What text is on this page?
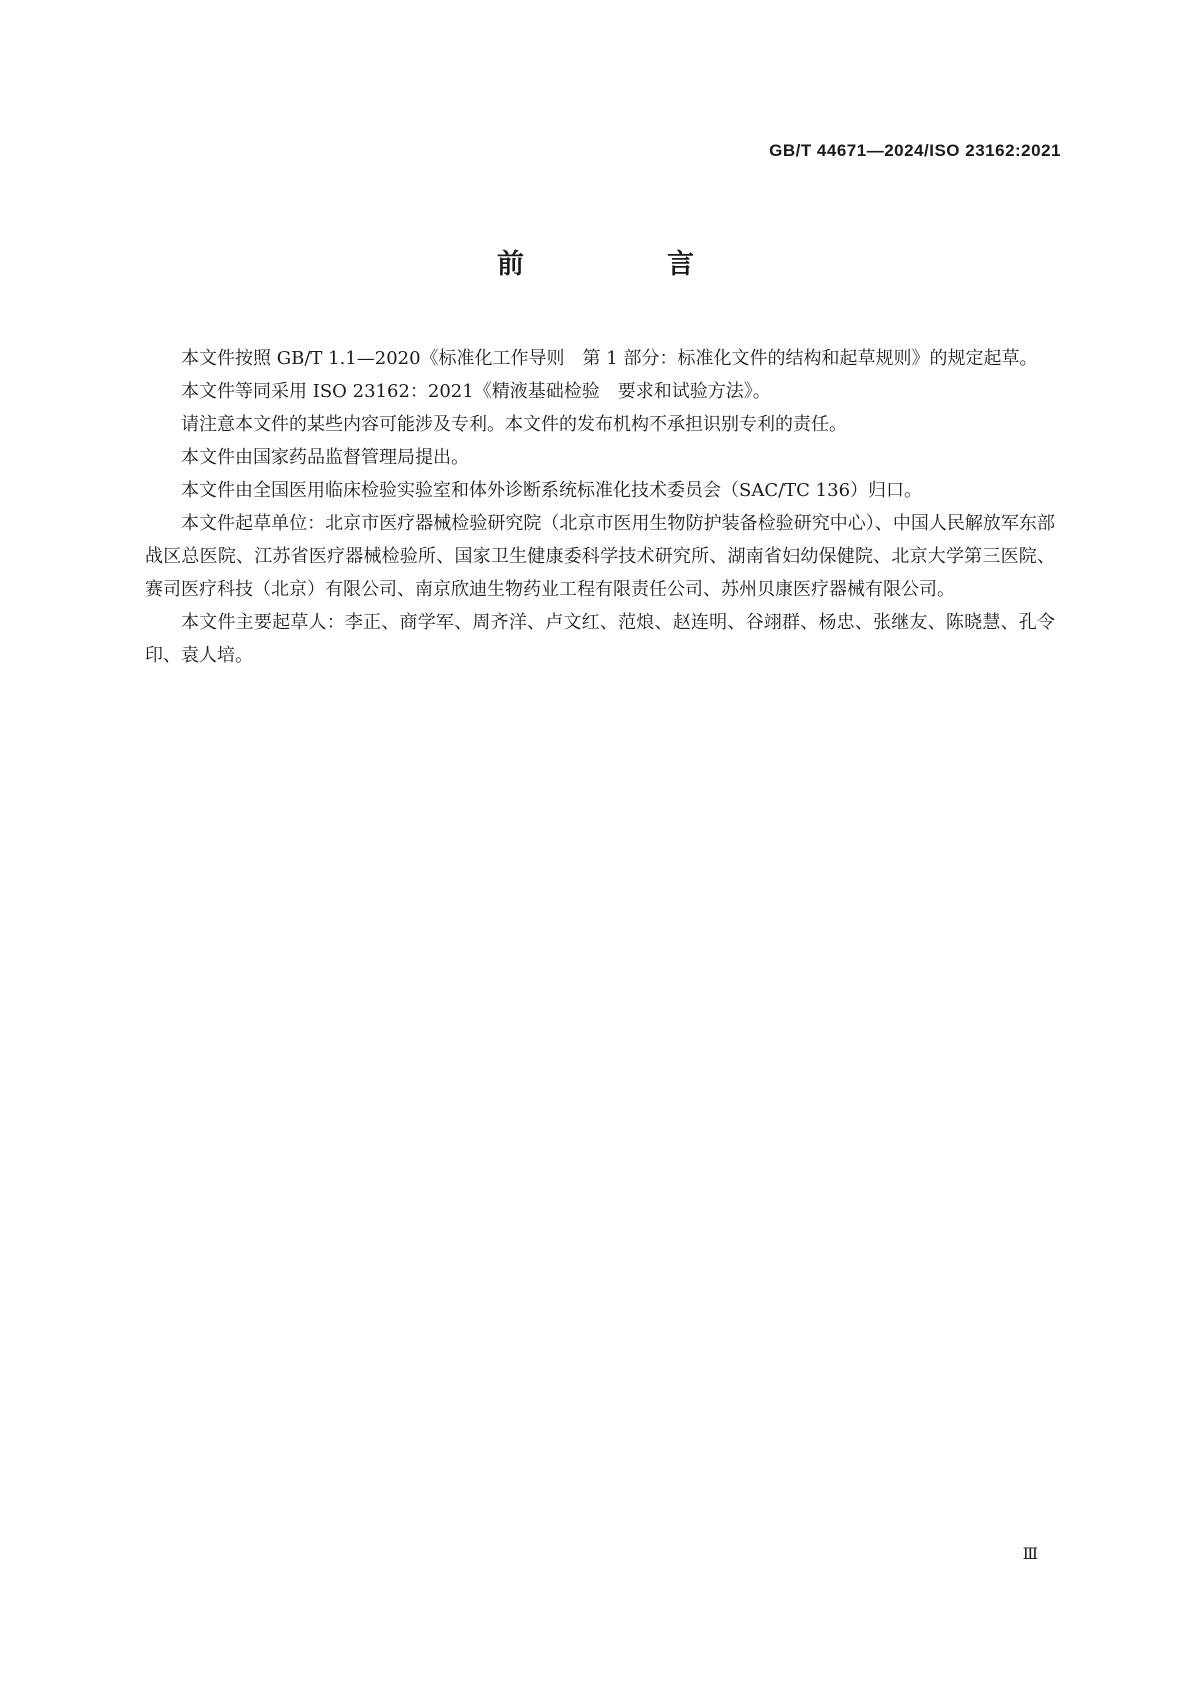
GB/T 44671—2024/ISO 23162:2021
前　言

本文件按照 GB/T 1.1—2020《标准化工作导则　第 1 部分：标准化文件的结构和起草规则》的规定起草。

本文件等同采用 ISO 23162：2021《精液基础检验　要求和试验方法》。

请注意本文件的某些内容可能涉及专利。本文件的发布机构不承担识别专利的责任。

本文件由国家药品监督管理局提出。

本文件由全国医用临床检验实验室和体外诊断系统标准化技术委员会（SAC/TC 136）归口。

本文件起草单位：北京市医疗器械检验研究院（北京市医用生物防护装备检验研究中心）、中国人民解放军东部战区总医院、江苏省医疗器械检验所、国家卫生健康委科学技术研究所、湖南省妇幼保健院、北京大学第三医院、赛司医疗科技（北京）有限公司、南京欣迪生物药业工程有限责任公司、苏州贝康医疗器械有限公司。

本文件主要起草人：李正、商学军、周齐洋、卢文红、范烺、赵连明、谷翊群、杨忠、张继友、陈晓慧、孔令印、袁人培。

Ⅲ
